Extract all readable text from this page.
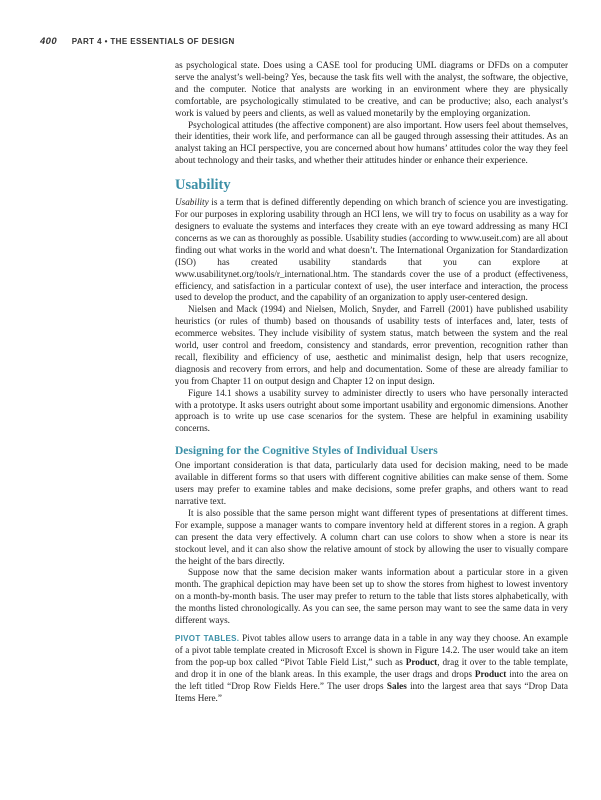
400 PART 4 • THE ESSENTIALS OF DESIGN

as psychological state. Does using a CASE tool for producing UML diagrams or DFDs on a computer serve the analyst’s well-being? Yes, because the task fits well with the analyst, the software, the objective, and the computer. Notice that analysts are working in an environment where they are physically comfortable, are psychologically stimulated to be creative, and can be productive; also, each analyst’s work is valued by peers and clients, as well as valued monetarily by the employing organization.

Psychological attitudes (the affective component) are also important. How users feel about themselves, their identities, their work life, and performance can all be gauged through assessing their attitudes. As an analyst taking an HCI perspective, you are concerned about how humans’ attitudes color the way they feel about technology and their tasks, and whether their attitudes hinder or enhance their experience.

Usability

Usability is a term that is defined differently depending on which branch of science you are investigating. For our purposes in exploring usability through an HCI lens, we will try to focus on usability as a way for designers to evaluate the systems and interfaces they create with an eye toward addressing as many HCI concerns as we can as thoroughly as possible. Usability studies (according to www.useit.com) are all about finding out what works in the world and what doesn’t. The International Organization for Standardization (ISO) has created usability standards that you can explore at www.usabilitynet.org/tools/r_international.htm. The standards cover the use of a product (effectiveness, efficiency, and satisfaction in a particular context of use), the user interface and interaction, the process used to develop the product, and the capability of an organization to apply user-centered design.

Nielsen and Mack (1994) and Nielsen, Molich, Snyder, and Farrell (2001) have published usability heuristics (or rules of thumb) based on thousands of usability tests of interfaces and, later, tests of ecommerce websites. They include visibility of system status, match between the system and the real world, user control and freedom, consistency and standards, error prevention, recognition rather than recall, flexibility and efficiency of use, aesthetic and minimalist design, help that users recognize, diagnosis and recovery from errors, and help and documentation. Some of these are already familiar to you from Chapter 11 on output design and Chapter 12 on input design.

Figure 14.1 shows a usability survey to administer directly to users who have personally interacted with a prototype. It asks users outright about some important usability and ergonomic dimensions. Another approach is to write up use case scenarios for the system. These are helpful in examining usability concerns.

Designing for the Cognitive Styles of Individual Users

One important consideration is that data, particularly data used for decision making, need to be made available in different forms so that users with different cognitive abilities can make sense of them. Some users may prefer to examine tables and make decisions, some prefer graphs, and others want to read narrative text.

It is also possible that the same person might want different types of presentations at different times. For example, suppose a manager wants to compare inventory held at different stores in a region. A graph can present the data very effectively. A column chart can use colors to show when a store is near its stockout level, and it can also show the relative amount of stock by allowing the user to visually compare the height of the bars directly.

Suppose now that the same decision maker wants information about a particular store in a given month. The graphical depiction may have been set up to show the stores from highest to lowest inventory on a month-by-month basis. The user may prefer to return to the table that lists stores alphabetically, with the months listed chronologically. As you can see, the same person may want to see the same data in very different ways.

PIVOT TABLES. Pivot tables allow users to arrange data in a table in any way they choose. An example of a pivot table template created in Microsoft Excel is shown in Figure 14.2. The user would take an item from the pop-up box called “Pivot Table Field List,” such as Product, drag it over to the table template, and drop it in one of the blank areas. In this example, the user drags and drops Product into the area on the left titled “Drop Row Fields Here.” The user drops Sales into the largest area that says “Drop Data Items Here.”
